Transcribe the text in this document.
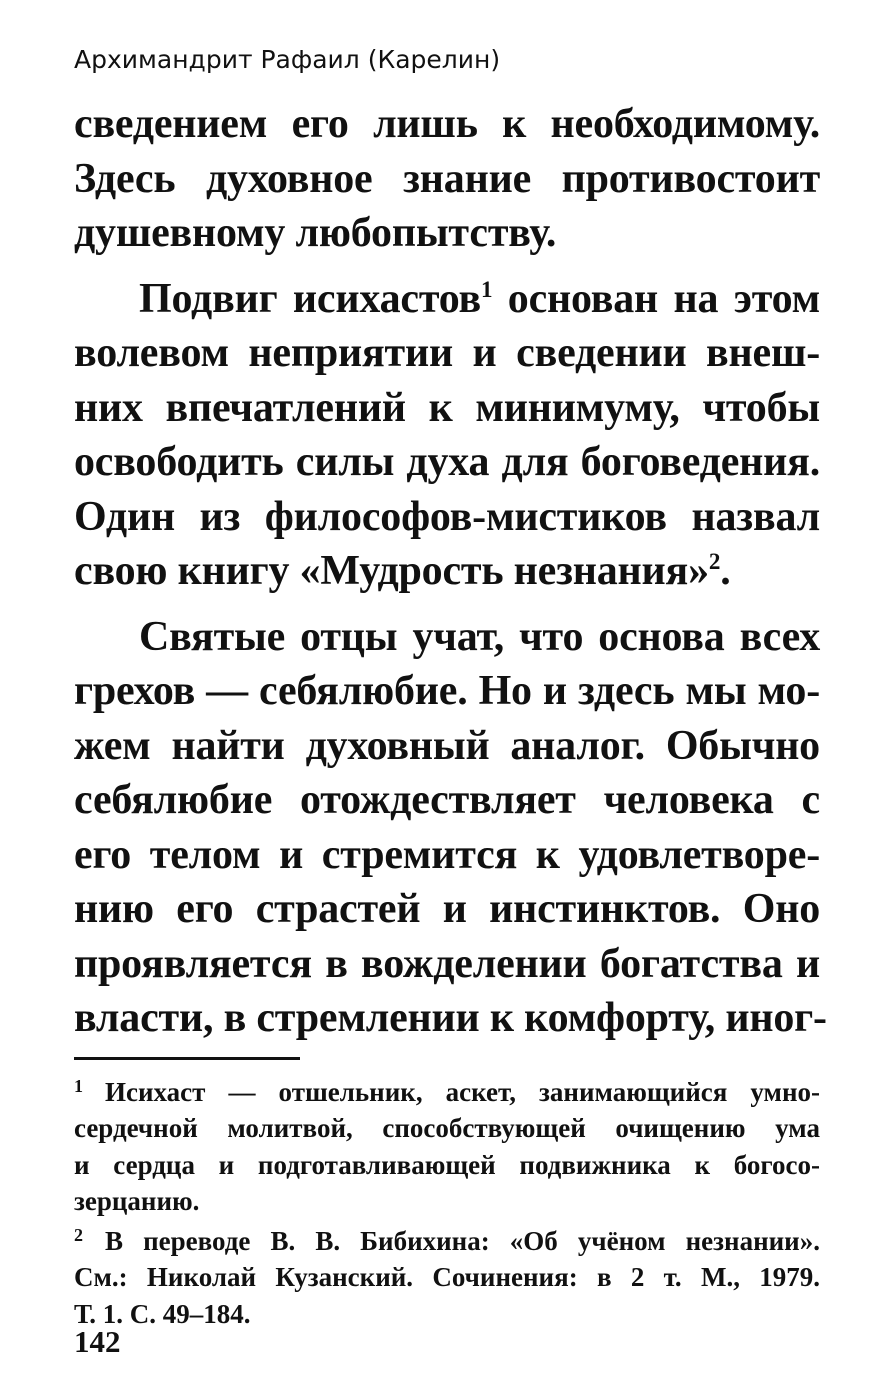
Архимандрит Рафаил (Карелин)

сведением его лишь к необходимому.
Здесь духовное знание противостоит
душевному любопытству.

Подвиг исихастов$^1$ основан на этом
волевом неприятии и сведении внеш-
них впечатлений к минимуму, чтобы
освободить силы духа для боговедения.
Один из философов-мистиков назвал
свою книгу «Мудрость незнания»$^2$.

Святые отцы учат, что основа всех
грехов — себялюбие. Но и здесь мы мо-
жем найти духовный аналог. Обычно
себялюбие отождествляет человека с
его телом и стремится к удовлетворе-
нию его страстей и инстинктов. Оно
проявляется в вожделении богатства и
власти, в стремлении к комфорту, иног-

$^1$ Исихаст — отшельник, аскет, занимающийся умно-
сердечной молитвой, способствующей очищению ума
и сердца и подготавливающей подвижника к богосо-
зерцанию.

$^2$ В переводе В. В. Бибихина: «Об учёном незнании».
См.: Николай Кузанский. Сочинения: в 2 т. М., 1979.
Т. 1. С. 49–184.

142
